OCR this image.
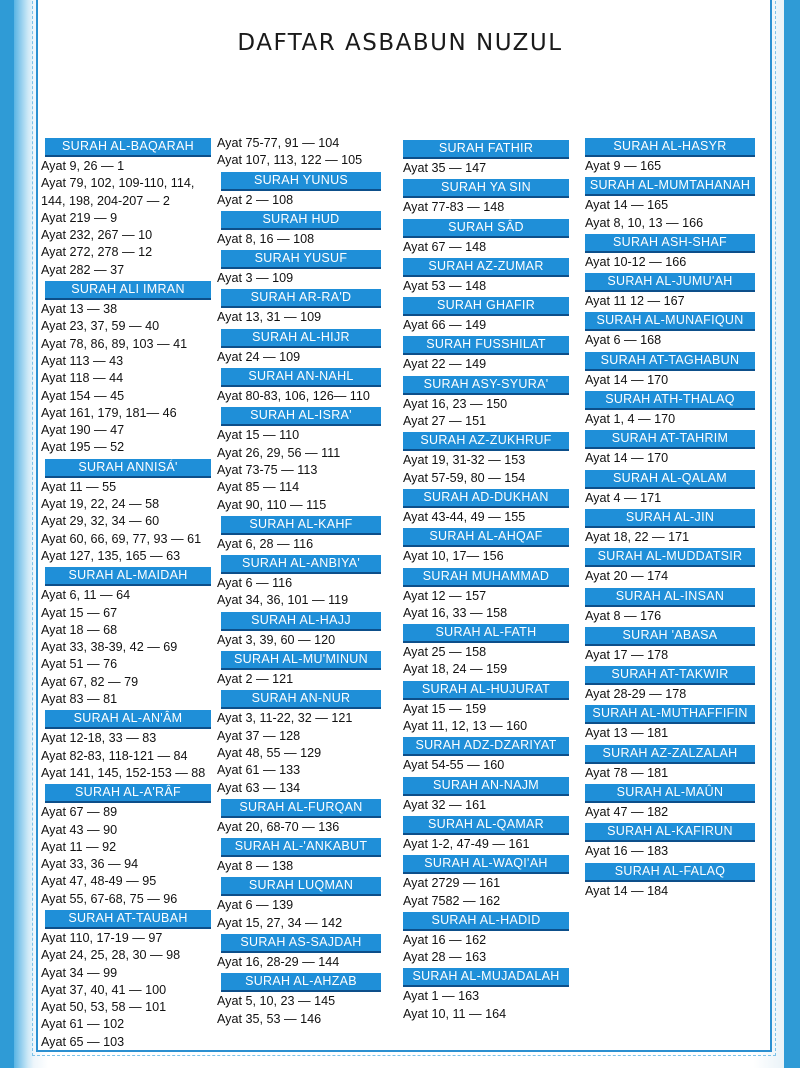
DAFTAR ASBABUN NUZUL
SURAH AL-BAQARAH
Ayat 9, 26 — 1
Ayat 79, 102, 109-110, 114,
144, 198, 204-207 — 2
Ayat 219 — 9
Ayat 232, 267 — 10
Ayat 272, 278 — 12
Ayat 282 — 37
SURAH ALI IMRAN
Ayat 13 — 38
Ayat 23, 37, 59 — 40
Ayat 78, 86, 89, 103 — 41
Ayat 113 — 43
Ayat 118 — 44
Ayat 154 — 45
Ayat 161, 179, 181— 46
Ayat 190 — 47
Ayat 195 — 52
SURAH ANNISÁ'
Ayat 11 — 55
Ayat 19, 22, 24 — 58
Ayat 29, 32, 34 — 60
Ayat 60, 66, 69, 77, 93 — 61
Ayat 127, 135, 165 — 63
SURAH AL-MAIDAH
Ayat 6, 11 — 64
Ayat 15 — 67
Ayat 18 — 68
Ayat 33, 38-39, 42 — 69
Ayat 51 — 76
Ayat 67, 82 — 79
Ayat 83 — 81
SURAH AL-AN'ÂM
Ayat 12-18, 33 — 83
Ayat 82-83, 118-121 — 84
Ayat 141, 145, 152-153 — 88
SURAH AL-A'RÂF
Ayat 67 — 89
Ayat 43 — 90
Ayat 11 — 92
Ayat 33, 36 — 94
Ayat 47, 48-49 — 95
Ayat 55, 67-68, 75 — 96
SURAH AT-TAUBAH
Ayat 110, 17-19 — 97
Ayat 24, 25, 28, 30 — 98
Ayat 34 — 99
Ayat 37, 40, 41 — 100
Ayat 50, 53, 58 — 101
Ayat 61 — 102
Ayat 65 — 103
Ayat 75-77, 91 — 104
Ayat 107, 113, 122 — 105
SURAH YUNUS
Ayat 2 — 108
SURAH HUD
Ayat 8, 16 — 108
SURAH YUSUF
Ayat 3 — 109
SURAH AR-RA'D
Ayat 13, 31 — 109
SURAH AL-HIJR
Ayat 24 — 109
SURAH AN-NAHL
Ayat 80-83, 106, 126— 110
SURAH AL-ISRA'
Ayat 15 — 110
Ayat 26, 29, 56 — 111
Ayat 73-75 — 113
Ayat 85 — 114
Ayat 90, 110 — 115
SURAH AL-KAHF
Ayat 6, 28 — 116
SURAH AL-ANBIYA'
Ayat 6 — 116
Ayat 34, 36, 101 — 119
SURAH AL-HAJJ
Ayat 3, 39, 60 — 120
SURAH AL-MU'MINUN
Ayat 2 — 121
SURAH AN-NUR
Ayat 3, 11-22, 32 — 121
Ayat 37 — 128
Ayat 48, 55 — 129
Ayat 61 — 133
Ayat 63 — 134
SURAH AL-FURQAN
Ayat 20, 68-70 — 136
SURAH AL-'ANKABUT
Ayat 8 — 138
SURAH LUQMAN
Ayat 6 — 139
Ayat 15, 27, 34 — 142
SURAH AS-SAJDAH
Ayat 16, 28-29 — 144
SURAH AL-AHZAB
Ayat 5, 10, 23 — 145
Ayat 35, 53 — 146
SURAH FATHIR
Ayat 35 — 147
SURAH YA SIN
Ayat 77-83 — 148
SURAH SÂD
Ayat 67 — 148
SURAH AZ-ZUMAR
Ayat 53 — 148
SURAH GHAFIR
Ayat 66 — 149
SURAH FUSSHILAT
Ayat 22 — 149
SURAH ASY-SYURA'
Ayat 16, 23 — 150
Ayat 27 — 151
SURAH AZ-ZUKHRUF
Ayat 19, 31-32 — 153
Ayat 57-59, 80 — 154
SURAH AD-DUKHAN
Ayat 43-44, 49 — 155
SURAH AL-AHQAF
Ayat 10, 17— 156
SURAH MUHAMMAD
Ayat 12 — 157
Ayat 16, 33 — 158
SURAH AL-FATH
Ayat 25 — 158
Ayat 18, 24 — 159
SURAH AL-HUJURAT
Ayat 15 — 159
Ayat 11, 12, 13 — 160
SURAH ADZ-DZARIYAT
Ayat 54-55 — 160
SURAH AN-NAJM
Ayat 32 — 161
SURAH AL-QAMAR
Ayat 1-2, 47-49 — 161
SURAH AL-WAQI'AH
Ayat 2729 — 161
Ayat 7582 — 162
SURAH AL-HADID
Ayat 16 — 162
Ayat 28 — 163
SURAH AL-MUJADALAH
Ayat 1 — 163
Ayat 10, 11 — 164
SURAH AL-HASYR
Ayat 9 — 165
SURAH AL-MUMTAHANAH
Ayat 14 — 165
Ayat 8, 10, 13 — 166
SURAH ASH-SHAF
Ayat 10-12 — 166
SURAH AL-JUMU'AH
Ayat 11 12 — 167
SURAH AL-MUNAFIQUN
Ayat 6 — 168
SURAH AT-TAGHABUN
Ayat 14 — 170
SURAH ATH-THALAQ
Ayat 1, 4 — 170
SURAH AT-TAHRIM
Ayat 14 — 170
SURAH AL-QALAM
Ayat 4 — 171
SURAH AL-JIN
Ayat 18, 22 — 171
SURAH AL-MUDDATSIR
Ayat 20 — 174
SURAH AL-INSAN
Ayat 8 — 176
SURAH 'ABASA
Ayat 17 — 178
SURAH AT-TAKWIR
Ayat 28-29 — 178
SURAH AL-MUTHAFFIFIN
Ayat 13 — 181
SURAH AZ-ZALZALAH
Ayat 78 — 181
SURAH AL-MAÛN
Ayat 47 — 182
SURAH AL-KAFIRUN
Ayat 16 — 183
SURAH AL-FALAQ
Ayat 14 — 184
